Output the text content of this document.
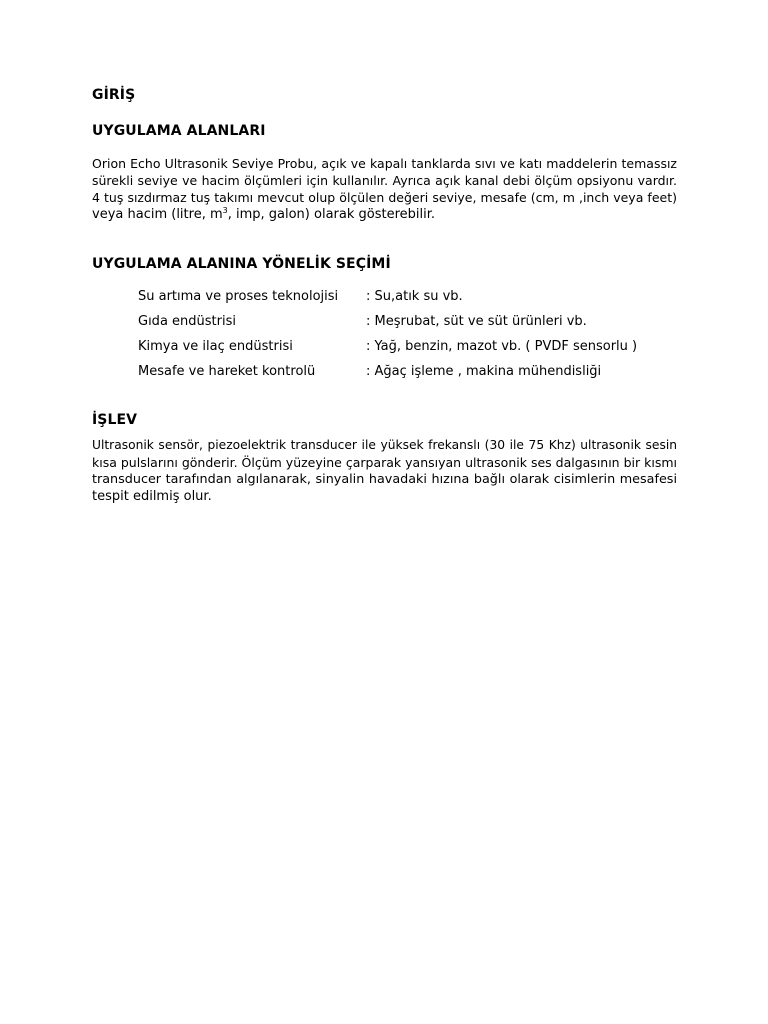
GİRİŞ
UYGULAMA ALANLARI

Orion Echo Ultrasonik Seviye Probu, açık ve kapalı tanklarda sıvı ve katı maddelerin temassız
sürekli seviye ve hacim ölçümleri için kullanılır. Ayrıca açık kanal debi ölçüm opsiyonu vardır.
4 tuş sızdırmaz tuş takımı mevcut olup ölçülen değeri seviye, mesafe (cm, m ,inch veya feet)
veya hacim (litre, $m^3$, imp, galon) olarak gösterebilir.

UYGULAMA ALANINA YÖNELİK SEÇİMİ
Su artıma ve proses teknolojisi : Su,atık su vb.
Gıda endüstrisi	: Meşrubat, süt ve süt ürünleri vb.
Kimya ve ilaç endüstrisi	: Yağ, benzin, mazot vb. ( PVDF sensorlu )
Mesafe ve hareket kontrolü	: Ağaç işleme , makina mühendisliği
İŞLEV

Ultrasonik sensör, piezoelektrik transducer ile yüksek frekanslı (30 ile 75 Khz) ultrasonik sesin
kısa pulslarını gönderir. Ölçüm yüzeyine çarparak yansıyan ultrasonik ses dalgasının bir kısmı
transducer tarafından algılanarak, sinyalin havadaki hızına bağlı olarak cisimlerin mesafesi
tespit edilmiş olur.
